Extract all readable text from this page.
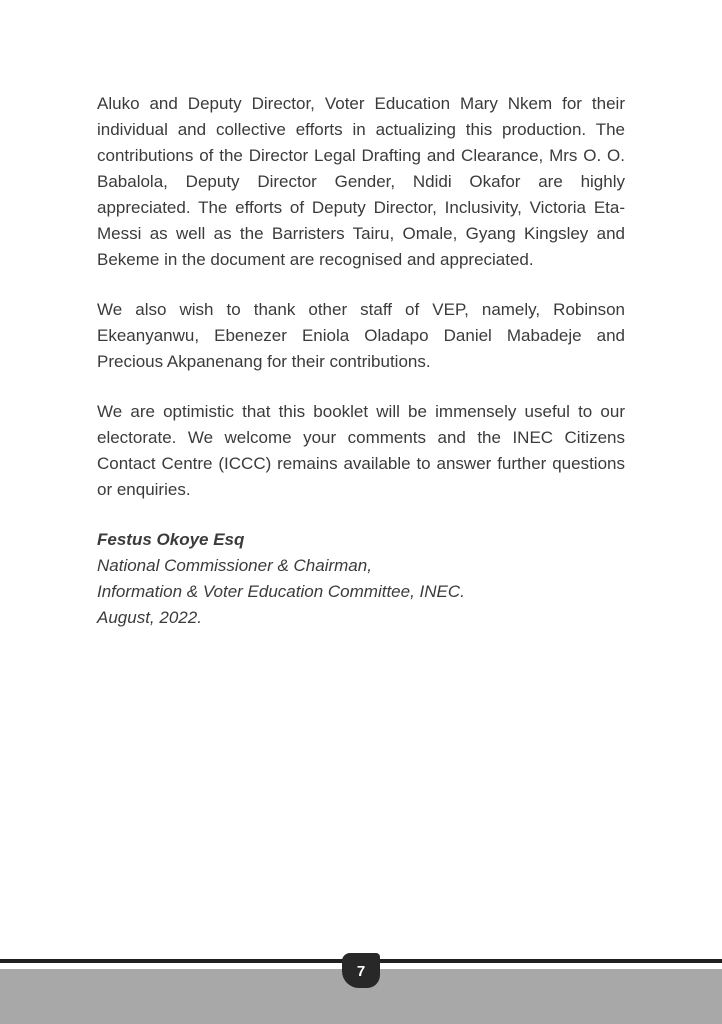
Aluko and Deputy Director, Voter Education Mary Nkem for their individual and collective efforts in actualizing this production. The contributions of the Director Legal Drafting and Clearance, Mrs O. O. Babalola, Deputy Director Gender, Ndidi Okafor are highly appreciated. The efforts of Deputy Director, Inclusivity, Victoria Eta-Messi as well as the Barristers Tairu, Omale, Gyang Kingsley and Bekeme in the document are recognised and appreciated.

We also wish to thank other staff of VEP, namely, Robinson Ekeanyanwu, Ebenezer Eniola Oladapo Daniel Mabadeje and Precious Akpanenang for their contributions.

We are optimistic that this booklet will be immensely useful to our electorate. We welcome your comments and the INEC Citizens Contact Centre (ICCC) remains available to answer further questions or enquiries.

Festus Okoye Esq
National Commissioner & Chairman,
Information & Voter Education Committee, INEC.
August, 2022.
7
